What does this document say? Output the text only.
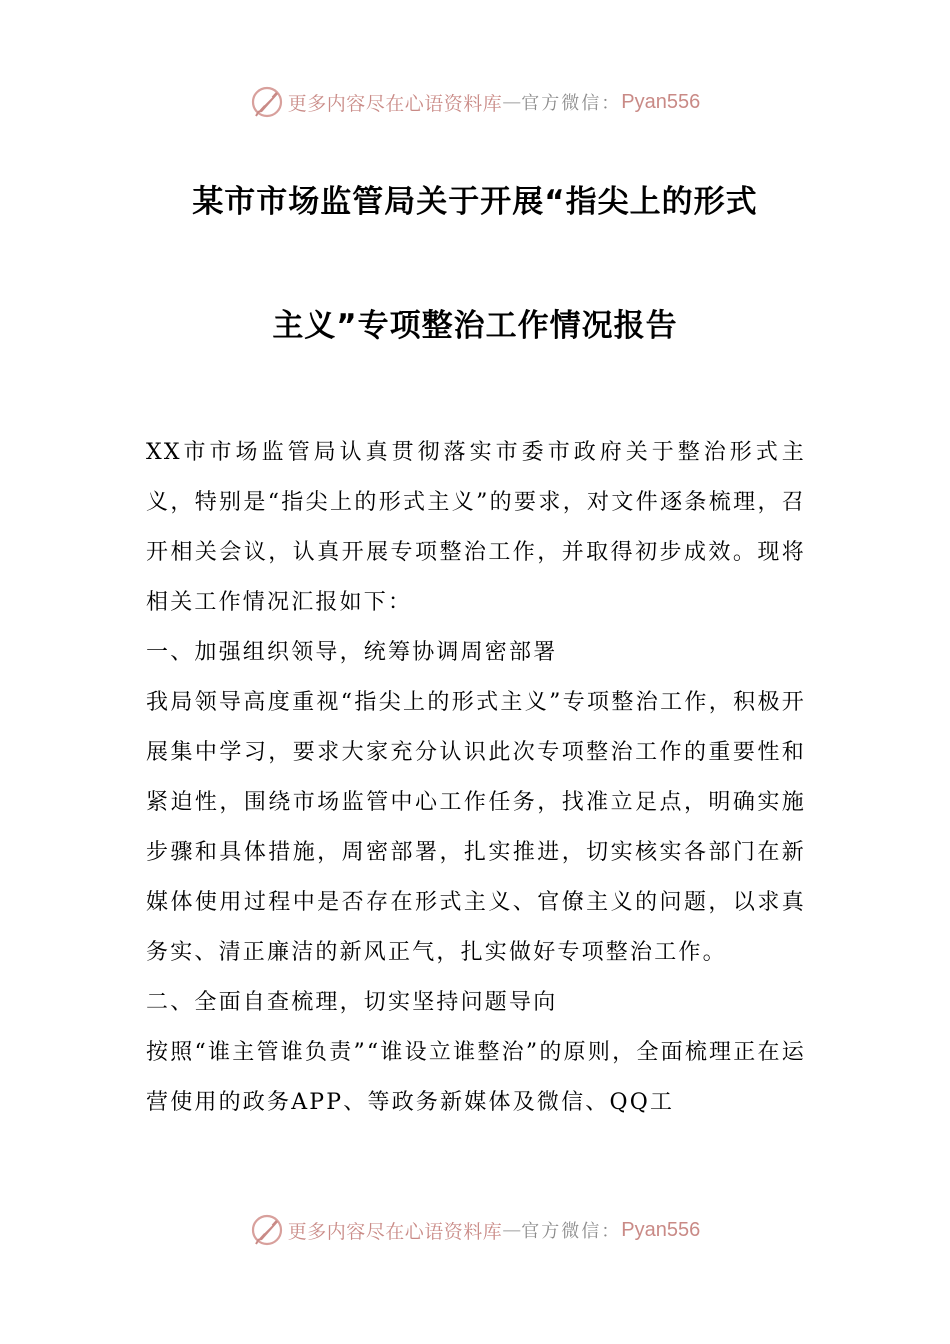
更多内容尽在心语资料库 — 官方微信： Pyan556
某市市场监管局关于开展“指尖上的形式
主义”专项整治工作情况报告

XX市市场监管局认真贯彻落实市委市政府关于整治形式主义，特别是“指尖上的形式主义”的要求，对文件逐条梳理，召开相关会议，认真开展专项整治工作，并取得初步成效。现将相关工作情况汇报如下：

一、加强组织领导，统筹协调周密部署

我局领导高度重视“指尖上的形式主义”专项整治工作，积极开展集中学习，要求大家充分认识此次专项整治工作的重要性和紧迫性，围绕市场监管中心工作任务，找准立足点，明确实施步骤和具体措施，周密部署，扎实推进，切实核实各部门在新媒体使用过程中是否存在形式主义、官僚主义的问题，以求真务实、清正廉洁的新风正气，扎实做好专项整治工作。

二、全面自查梳理，切实坚持问题导向

按照“谁主管谁负责”“谁设立谁整治”的原则，全面梳理正在运营使用的政务APP、等政务新媒体及微信、QQ工

更多内容尽在心语资料库 — 官方微信： Pyan556
